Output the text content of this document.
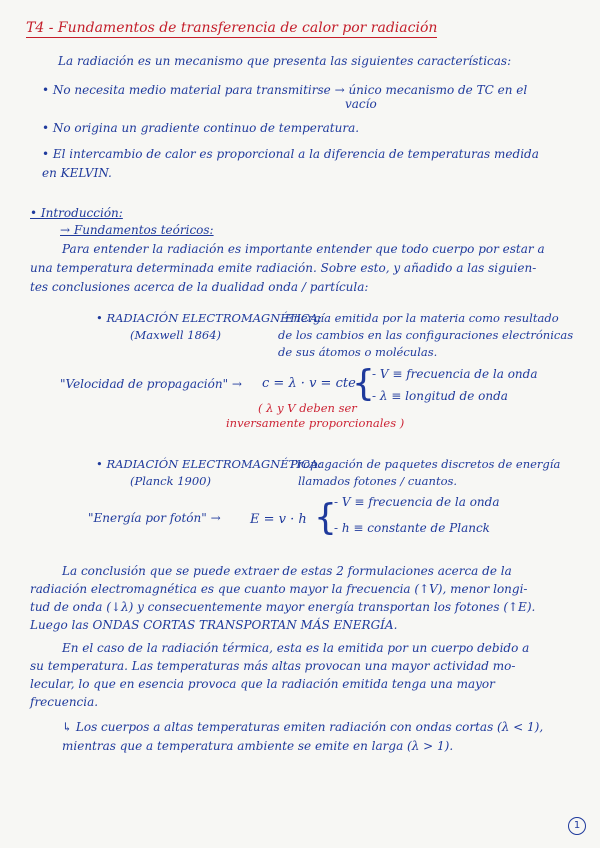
T4 - Fundamentos de transferencia de calor por radiación
La radiación es un mecanismo que presenta las siguientes características:
• No necesita medio material para transmitirse → único mecanismo de TC en el
vacío
• No origina un gradiente continuo de temperatura.
• El intercambio de calor es proporcional a la diferencia de temperaturas medida
en KELVIN.
• Introducción:
→ Fundamentos teóricos:
Para entender la radiación es importante entender que todo cuerpo por estar a
una temperatura determinada emite radiación. Sobre esto, y añadido a las siguien-
tes conclusiones acerca de la dualidad onda / partícula:
• RADIACIÓN ELECTROMAGNÉTICA:
Energía emitida por la materia como resultado
(Maxwell 1864)	de los cambios en las configuraciones electrónicas
de sus átomos o moléculas.
"Velocidad de propagación" → c = λ · v = cte
{
- V ≡ frecuencia de la onda
- λ ≡ longitud de onda
( λ y V deben ser
inversamente proporcionales )
• RADIACIÓN ELECTROMAGNÉTICA:
Propagación de paquetes discretos de energía
(Planck 1900)	llamados fotones / cuantos.
"Energía por fotón" → E = v · h {
- V ≡ frecuencia de la onda
- h ≡ constante de Planck
La conclusión que se puede extraer de estas 2 formulaciones acerca de la
radiación electromagnética es que cuanto mayor la frecuencia (↑V), menor longi-
tud de onda (↓λ) y consecuentemente mayor energía transportan los fotones (↑E).
Luego las ONDAS CORTAS TRANSPORTAN MÁS ENERGÍA.
En el caso de la radiación térmica, esta es la emitida por un cuerpo debido a
su temperatura. Las temperaturas más altas provocan una mayor actividad mo-
lecular, lo que en esencia provoca que la radiación emitida tenga una mayor
frecuencia.
↳ Los cuerpos a altas temperaturas emiten radiación con ondas cortas (λ < 1),
mientras que a temperatura ambiente se emite en larga (λ > 1).
1
